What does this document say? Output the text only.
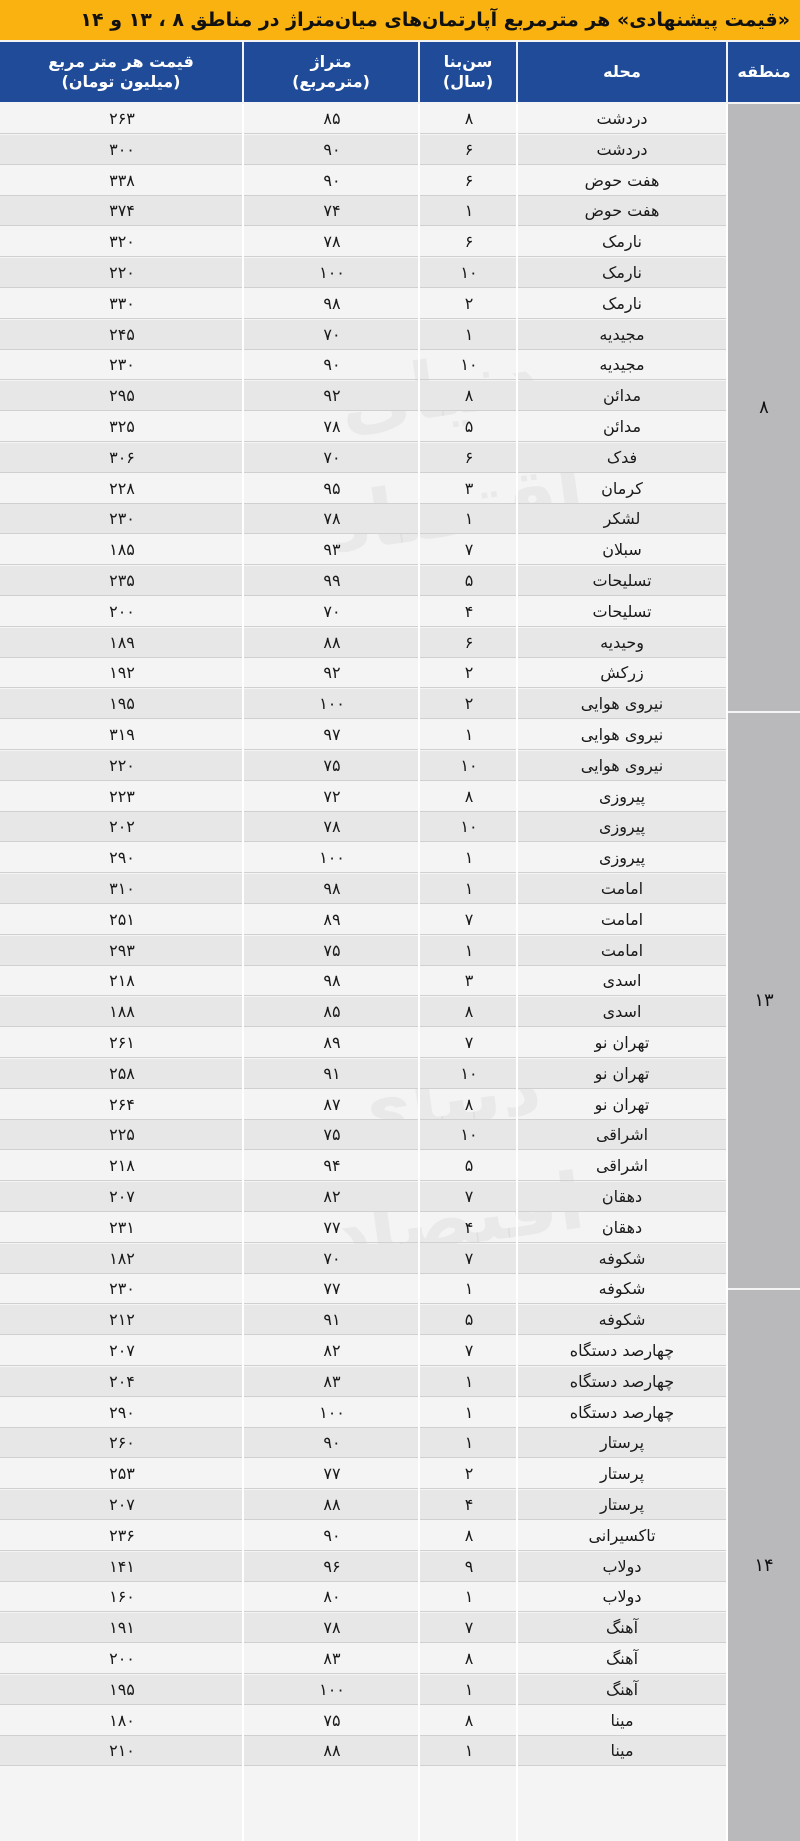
«قیمت پیشنهادی» هر مترمربع آپارتمان‌های میان‌متراژ در مناطق ۸ ، ۱۳ و ۱۴
منطقه
محله
سن‌بنا
(سال)
متراژ
(مترمربع)
قیمت هر متر مربع
(میلیون تومان)
۸
۱۳
۱۴
دردشت
۸
۸۵
۲۶۳
دردشت
۶
۹۰
۳۰۰
هفت حوض
۶
۹۰
۳۳۸
هفت حوض
۱
۷۴
۳۷۴
نارمک
۶
۷۸
۳۲۰
نارمک
۱۰
۱۰۰
۲۲۰
نارمک
۲
۹۸
۳۳۰
مجیدیه
۱
۷۰
۲۴۵
مجیدیه
۱۰
۹۰
۲۳۰
مدائن
۸
۹۲
۲۹۵
مدائن
۵
۷۸
۳۲۵
فدک
۶
۷۰
۳۰۶
کرمان
۳
۹۵
۲۲۸
لشکر
۱
۷۸
۲۳۰
سبلان
۷
۹۳
۱۸۵
تسلیحات
۵
۹۹
۲۳۵
تسلیحات
۴
۷۰
۲۰۰
وحیدیه
۶
۸۸
۱۸۹
زرکش
۲
۹۲
۱۹۲
نیروی هوایی
۲
۱۰۰
۱۹۵
نیروی هوایی
۱
۹۷
۳۱۹
نیروی هوایی
۱۰
۷۵
۲۲۰
پیروزی
۸
۷۲
۲۲۳
پیروزی
۱۰
۷۸
۲۰۲
پیروزی
۱
۱۰۰
۲۹۰
امامت
۱
۹۸
۳۱۰
امامت
۷
۸۹
۲۵۱
امامت
۱
۷۵
۲۹۳
اسدی
۳
۹۸
۲۱۸
اسدی
۸
۸۵
۱۸۸
تهران نو
۷
۸۹
۲۶۱
تهران نو
۱۰
۹۱
۲۵۸
تهران نو
۸
۸۷
۲۶۴
اشراقی
۱۰
۷۵
۲۲۵
اشراقی
۵
۹۴
۲۱۸
دهقان
۷
۸۲
۲۰۷
دهقان
۴
۷۷
۲۳۱
شکوفه
۷
۷۰
۱۸۲
شکوفه
۱
۷۷
۲۳۰
شکوفه
۵
۹۱
۲۱۲
چهارصد دستگاه
۷
۸۲
۲۰۷
چهارصد دستگاه
۱
۸۳
۲۰۴
چهارصد دستگاه
۱
۱۰۰
۲۹۰
پرستار
۱
۹۰
۲۶۰
پرستار
۲
۷۷
۲۵۳
پرستار
۴
۸۸
۲۰۷
تاکسیرانی
۸
۹۰
۲۳۶
دولاب
۹
۹۶
۱۴۱
دولاب
۱
۸۰
۱۶۰
آهنگ
۷
۷۸
۱۹۱
آهنگ
۸
۸۳
۲۰۰
آهنگ
۱
۱۰۰
۱۹۵
مینا
۸
۷۵
۱۸۰
مینا
۱
۸۸
۲۱۰
